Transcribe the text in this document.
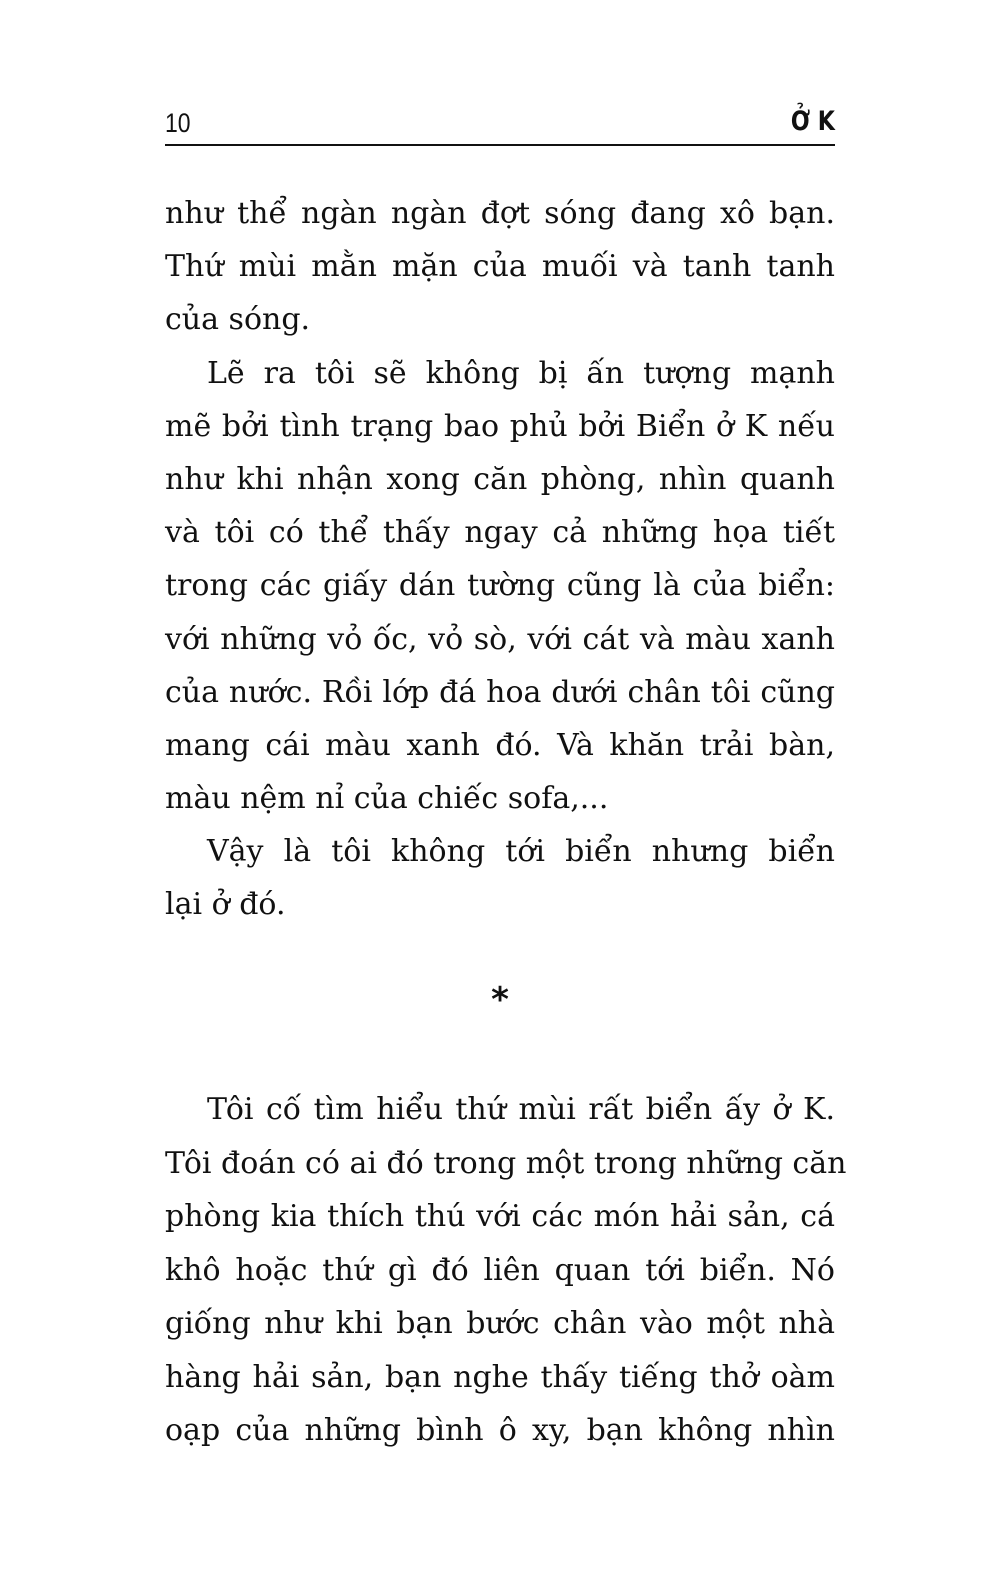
10	Ở K
như thể ngàn ngàn đợt sóng đang xô bạn.
Thứ mùi mằn mặn của muối và tanh tanh
của sóng.
Lẽ ra tôi sẽ không bị ấn tượng mạnh
mẽ bởi tình trạng bao phủ bởi Biển ở K nếu
như khi nhận xong căn phòng, nhìn quanh
và tôi có thể thấy ngay cả những họa tiết
trong các giấy dán tường cũng là của biển:
với những vỏ ốc, vỏ sò, với cát và màu xanh
của nước. Rồi lớp đá hoa dưới chân tôi cũng
mang cái màu xanh đó. Và khăn trải bàn,
màu nệm nỉ của chiếc sofa,...
Vậy là tôi không tới biển nhưng biển
lại ở đó.
*
Tôi cố tìm hiểu thứ mùi rất biển ấy ở K.
Tôi đoán có ai đó trong một trong những căn
phòng kia thích thú với các món hải sản, cá
khô hoặc thứ gì đó liên quan tới biển. Nó
giống như khi bạn bước chân vào một nhà
hàng hải sản, bạn nghe thấy tiếng thở oàm
oạp của những bình ô xy, bạn không nhìn
